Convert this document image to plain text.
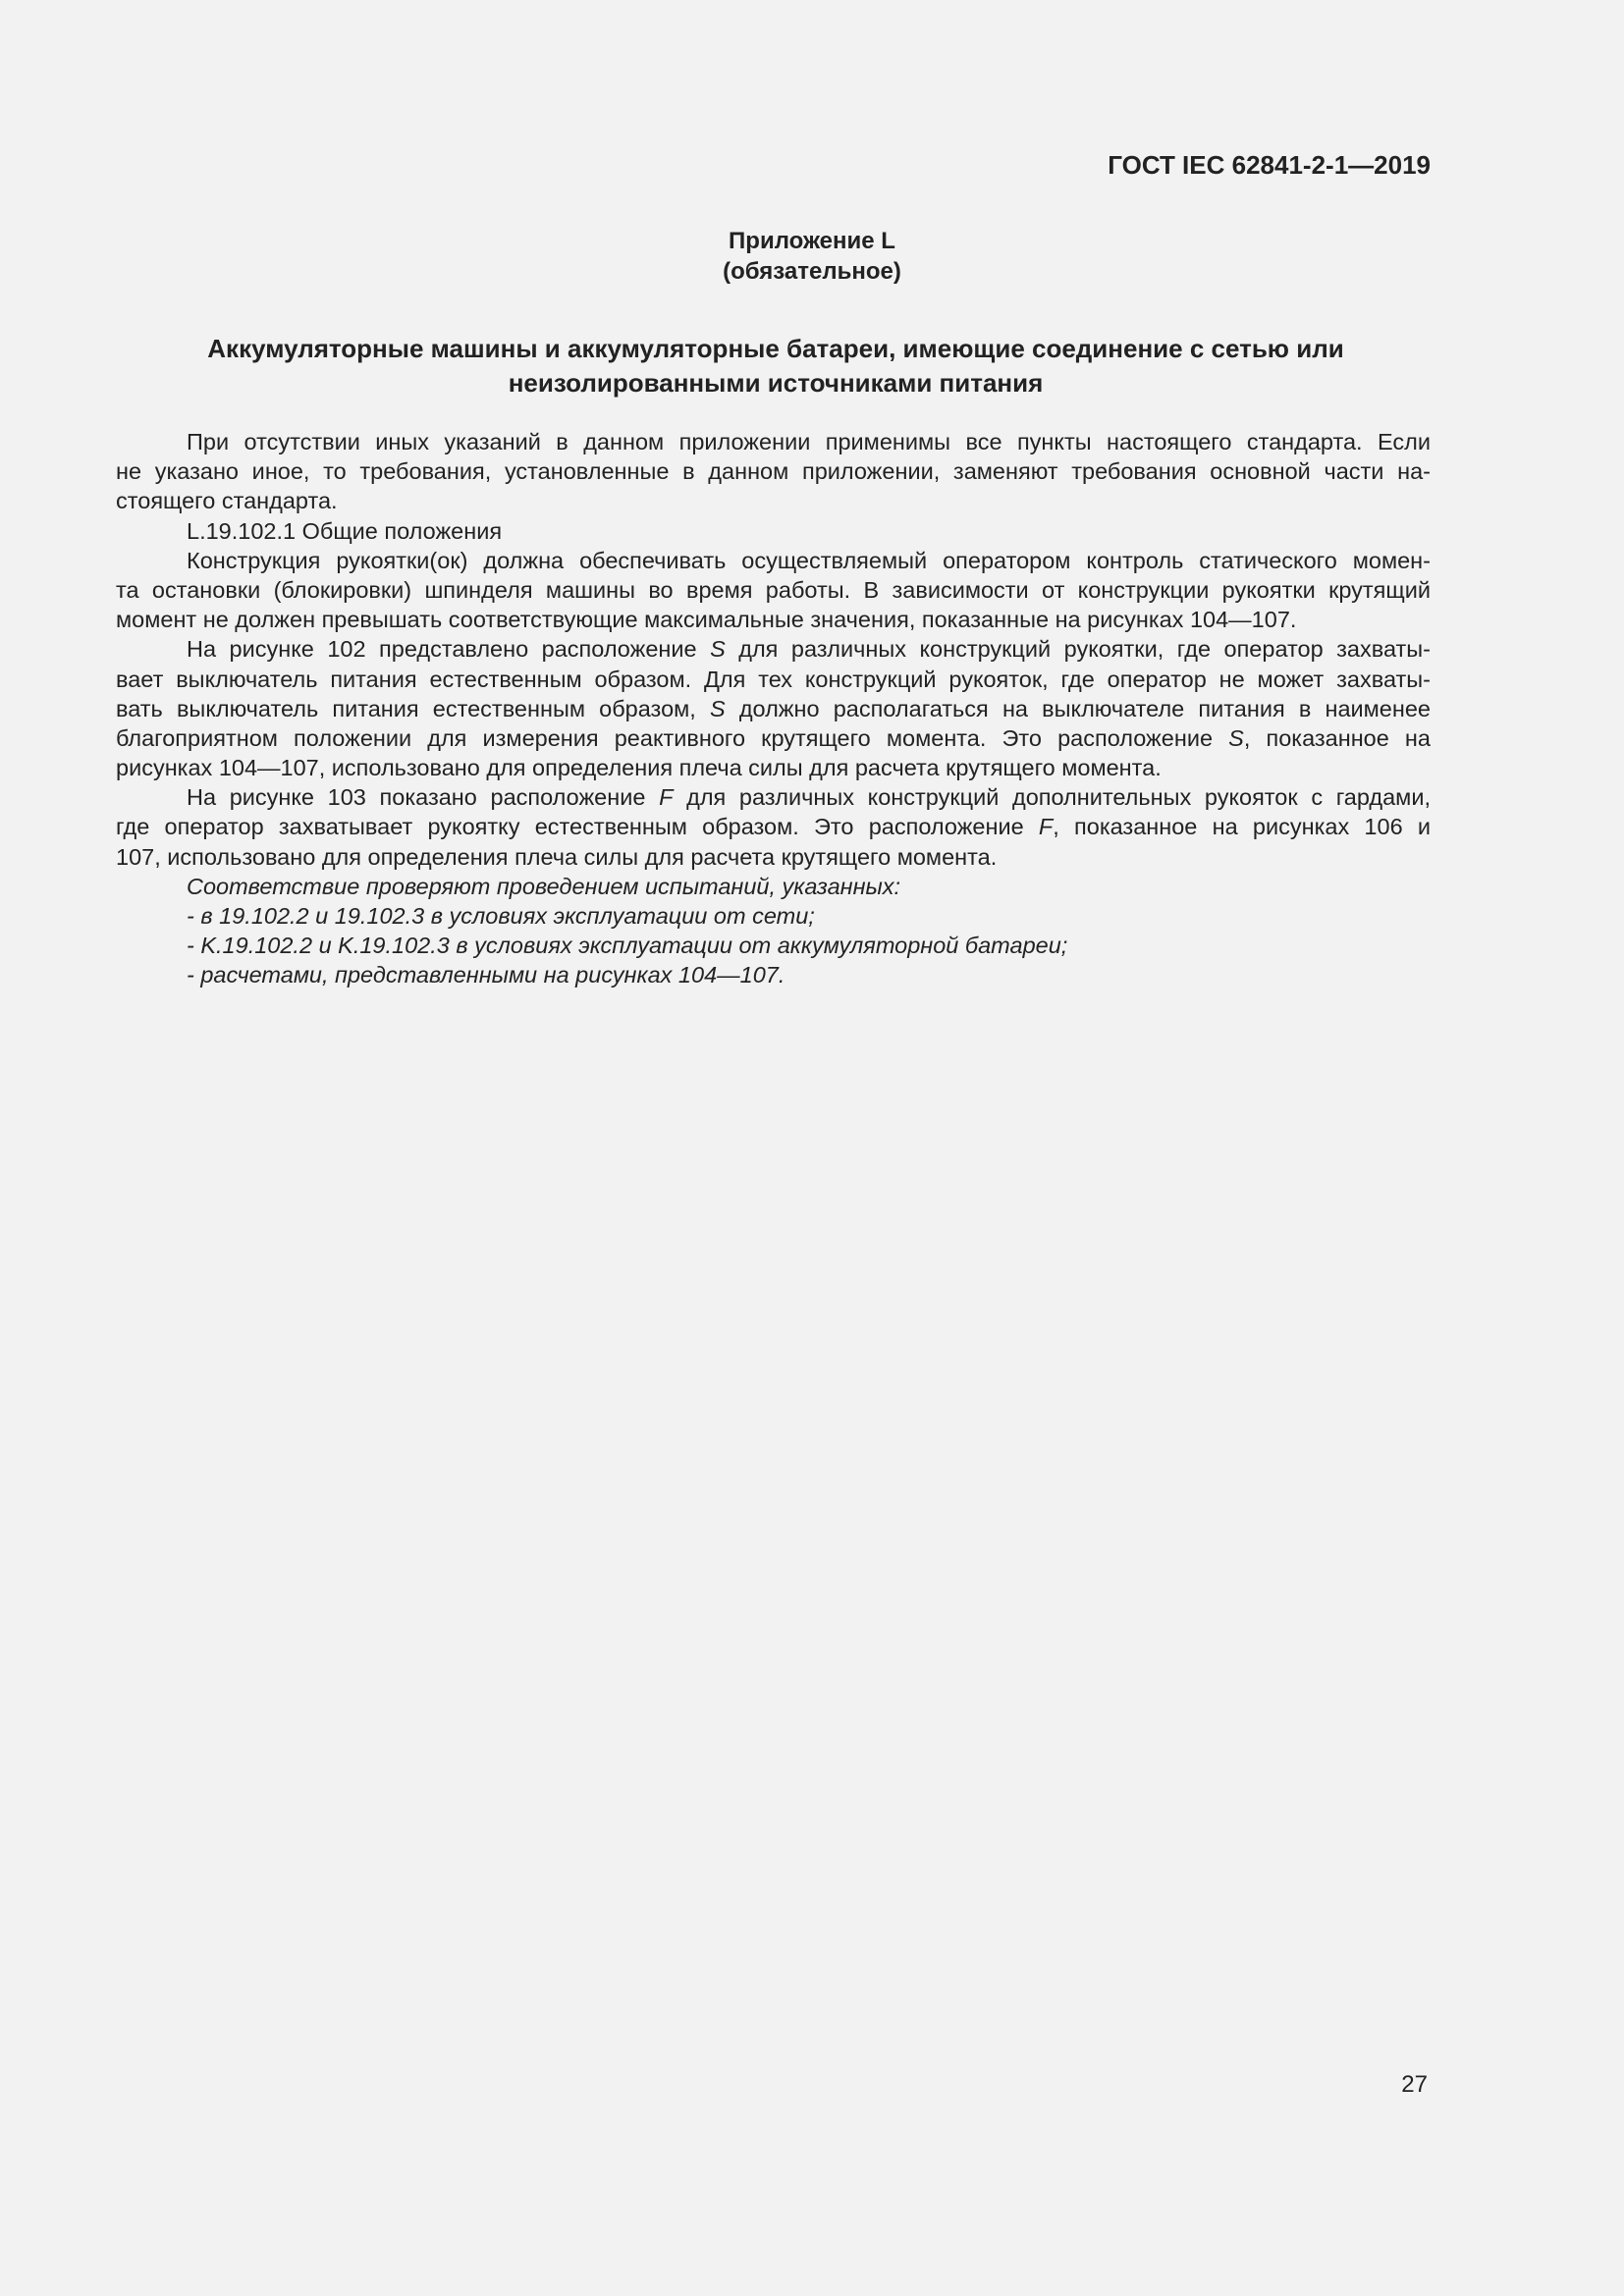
ГОСТ IEC 62841-2-1—2019
Приложение L
(обязательное)
Аккумуляторные машины и аккумуляторные батареи, имеющие соединение с сетью или
неизолированными источниками питания
При отсутствии иных указаний в данном приложении применимы все пункты настоящего стандарта. Если
не указано иное, то требования, установленные в данном приложении, заменяют требования основной части на-
стоящего стандарта.
L.19.102.1 Общие положения
Конструкция рукоятки(ок) должна обеспечивать осуществляемый оператором контроль статического момен-
та остановки (блокировки) шпинделя машины во время работы. В зависимости от конструкции рукоятки крутящий
момент не должен превышать соответствующие максимальные значения, показанные на рисунках 104—107.
На рисунке 102 представлено расположение S для различных конструкций рукоятки, где оператор захваты-
вает выключатель питания естественным образом. Для тех конструкций рукояток, где оператор не может захваты-
вать выключатель питания естественным образом, S должно располагаться на выключателе питания в наименее
благоприятном положении для измерения реактивного крутящего момента. Это расположение S, показанное на
рисунках 104—107, использовано для определения плеча силы для расчета крутящего момента.
На рисунке 103 показано расположение F для различных конструкций дополнительных рукояток с гардами,
где оператор захватывает рукоятку естественным образом. Это расположение F, показанное на рисунках 106 и
107, использовано для определения плеча силы для расчета крутящего момента.
Соответствие проверяют проведением испытаний, указанных:
- в 19.102.2 и 19.102.3 в условиях эксплуатации от сети;
- K.19.102.2 и K.19.102.3 в условиях эксплуатации от аккумуляторной батареи;
- расчетами, представленными на рисунках 104—107.
27
